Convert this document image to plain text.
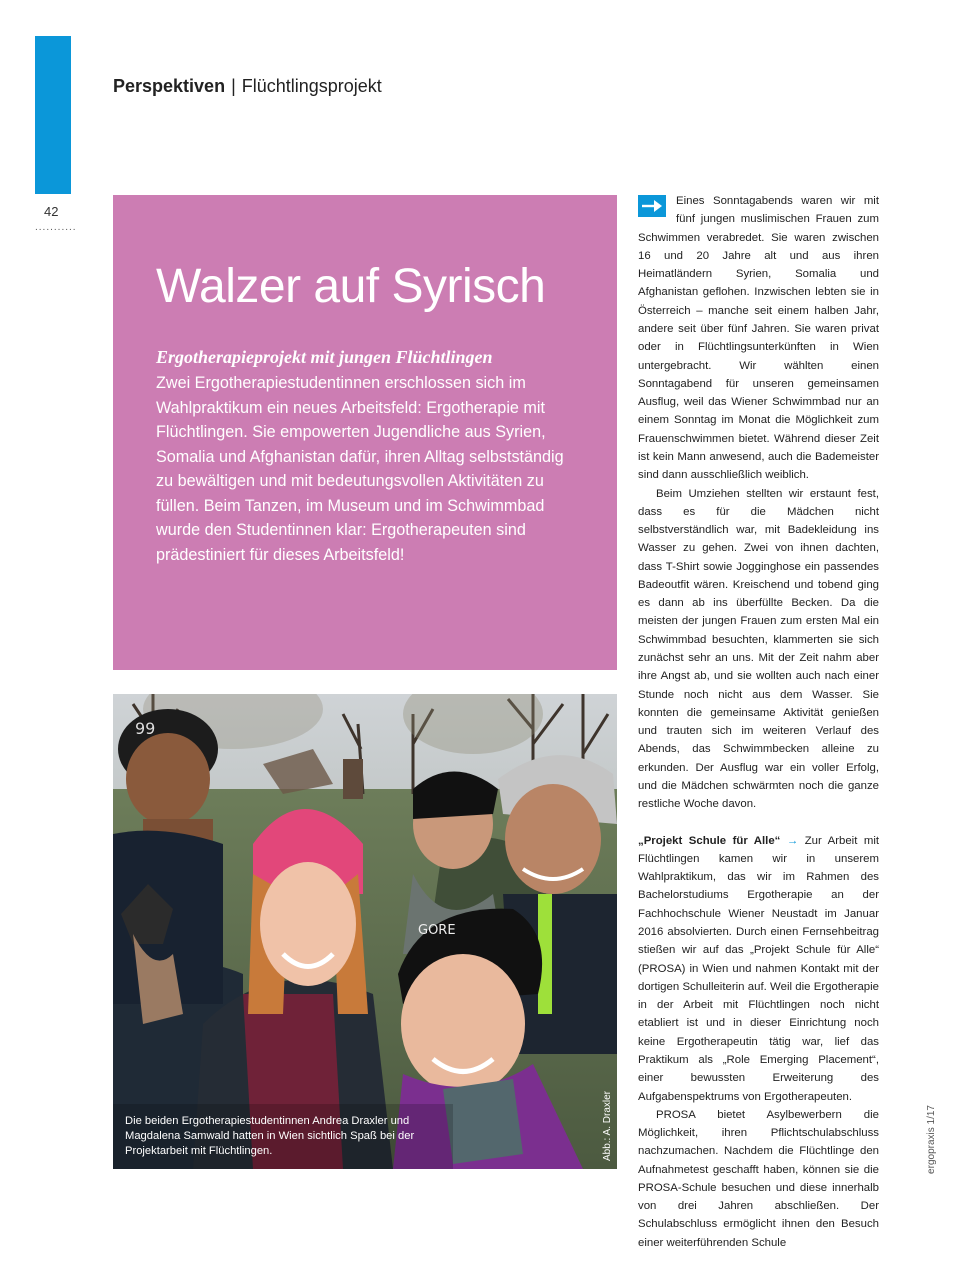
Perspektiven | Flüchtlingsprojekt
42
...........
Walzer auf Syrisch

Ergotherapieprojekt mit jungen Flüchtlingen

Zwei Ergotherapiestudentinnen erschlossen sich im Wahlpraktikum ein neues Arbeitsfeld: Ergotherapie mit Flüchtlingen. Sie empowerten Jugendliche aus Syrien, Somalia und Afghanistan dafür, ihren Alltag selbstständig zu bewältigen und mit bedeutungsvollen Aktivitäten zu füllen. Beim Tanzen, im Museum und im Schwimmbad wurde den Studentinnen klar: Ergotherapeuten sind prädestiniert für dieses Arbeitsfeld!

99
GORE

Die beiden Ergotherapiestudentinnen Andrea Draxler und Magdalena Samwald hatten in Wien sichtlich Spaß bei der Projektarbeit mit Flüchtlingen.	Abb.: A. Draxler

Eines Sonntagabends waren wir mit fünf jungen muslimischen Frauen zum Schwimmen verabredet. Sie waren zwischen 16 und 20 Jahre alt und aus ihren Heimatländern Syrien, Somalia und Afghanistan geflohen. Inzwischen lebten sie in Österreich – manche seit einem halben Jahr, andere seit über fünf Jahren. Sie waren privat oder in Flüchtlingsunterkünften in Wien untergebracht. Wir wählten einen Sonntagabend für unseren gemeinsamen Ausflug, weil das Wiener Schwimmbad nur an einem Sonntag im Monat die Möglichkeit zum Frauenschwimmen bietet. Während dieser Zeit ist kein Mann anwesend, auch die Bademeister sind dann ausschließlich weiblich.

Beim Umziehen stellten wir erstaunt fest, dass es für die Mädchen nicht selbstverständlich war, mit Badekleidung ins Wasser zu gehen. Zwei von ihnen dachten, dass T-Shirt sowie Jogginghose ein passendes Badeoutfit wären. Kreischend und tobend ging es dann ab ins überfüllte Becken. Da die meisten der jungen Frauen zum ersten Mal ein Schwimmbad besuchten, klammerten sie sich zunächst sehr an uns. Mit der Zeit nahm aber ihre Angst ab, und sie wollten auch nach einer Stunde noch nicht aus dem Wasser. Sie konnten die gemeinsame Aktivität genießen und trauten sich im weiteren Verlauf des Abends, das Schwimmbecken alleine zu erkunden. Der Ausflug war ein voller Erfolg, und die Mädchen schwärmten noch die ganze restliche Woche davon.

„Projekt Schule für Alle“ → Zur Arbeit mit Flüchtlingen kamen wir in unserem Wahlpraktikum, das wir im Rahmen des Bachelorstudiums Ergotherapie an der Fachhochschule Wiener Neustadt im Januar 2016 absolvierten. Durch einen Fernsehbeitrag stießen wir auf das „Projekt Schule für Alle“ (PROSA) in Wien und nahmen Kontakt mit der dortigen Schulleiterin auf. Weil die Ergotherapie in der Arbeit mit Flüchtlingen noch nicht etabliert ist und in dieser Einrichtung noch keine Ergotherapeutin tätig war, lief das Praktikum als „Role Emerging Placement“, einer bewussten Erweiterung des Aufgabenspektrums von Ergotherapeuten.

PROSA bietet Asylbewerbern die Möglichkeit, ihren Pflichtschulabschluss nachzumachen. Nachdem die Flüchtlinge den Aufnahmetest geschafft haben, können sie die PROSA-Schule besuchen und diese innerhalb von drei Jahren abschließen. Der Schulabschluss ermöglicht ihnen den Besuch einer weiterführenden Schule

ergopraxis 1/17
